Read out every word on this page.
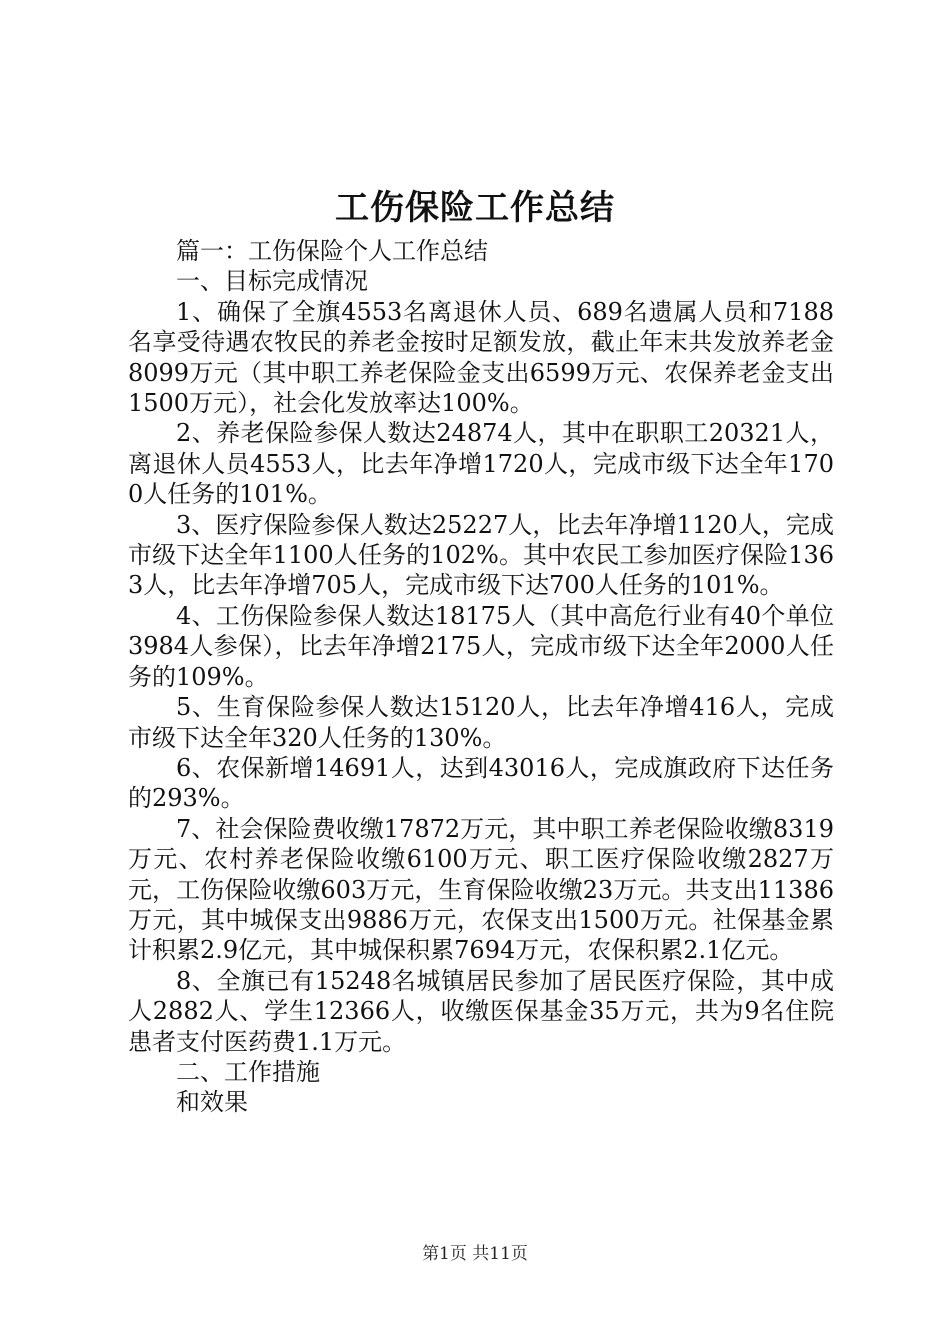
工伤保险工作总结

篇一：工伤保险个人工作总结

一、目标完成情况

1、确保了全旗4553名离退休人员、689名遗属人员和7188名享受待遇农牧民的养老金按时足额发放，截止年末共发放养老金8099万元（其中职工养老保险金支出6599万元、农保养老金支出1500万元），社会化发放率达100%。

2、养老保险参保人数达24874人，其中在职职工20321人，离退休人员4553人，比去年净增1720人，完成市级下达全年1700人任务的101%。

3、医疗保险参保人数达25227人，比去年净增1120人，完成市级下达全年1100人任务的102%。其中农民工参加医疗保险1363人，比去年净增705人，完成市级下达700人任务的101%。

4、工伤保险参保人数达18175人（其中高危行业有40个单位3984人参保），比去年净增2175人，完成市级下达全年2000人任务的109%。

5、生育保险参保人数达15120人，比去年净增416人，完成市级下达全年320人任务的130%。

6、农保新增14691人，达到43016人，完成旗政府下达任务的293%。

7、社会保险费收缴17872万元，其中职工养老保险收缴8319万元、农村养老保险收缴6100万元、职工医疗保险收缴2827万元，工伤保险收缴603万元，生育保险收缴23万元。共支出11386万元，其中城保支出9886万元，农保支出1500万元。社保基金累计积累2.9亿元，其中城保积累7694万元，农保积累2.1亿元。

8、全旗已有15248名城镇居民参加了居民医疗保险，其中成人2882人、学生12366人，收缴医保基金35万元，共为9名住院患者支付医药费1.1万元。

二、工作措施

和效果

第1页 共11页
